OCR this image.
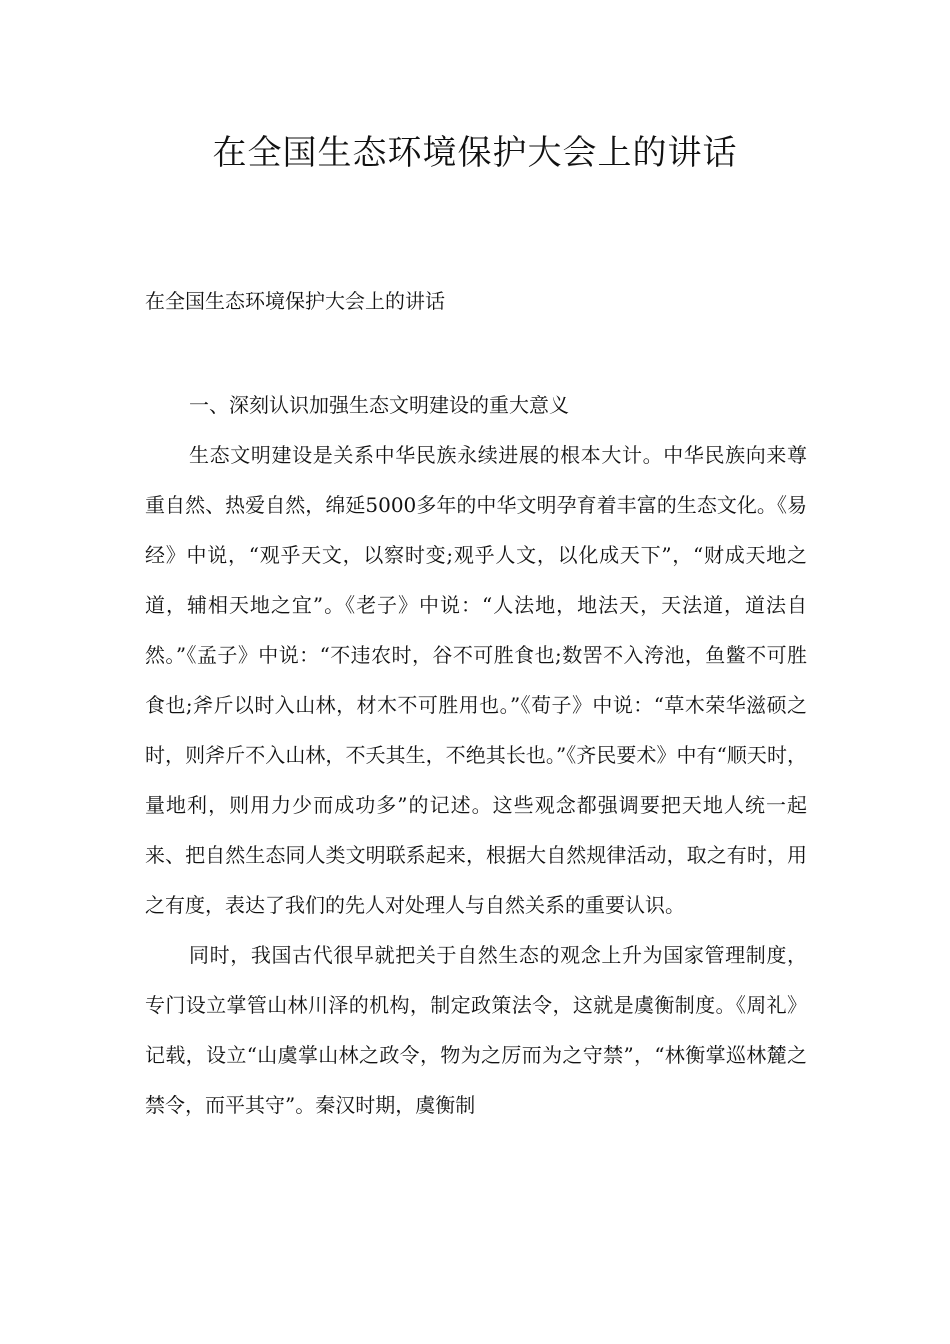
在全国生态环境保护大会上的讲话

在全国生态环境保护大会上的讲话

一、深刻认识加强生态文明建设的重大意义

生态文明建设是关系中华民族永续进展的根本大计。中华民族向来尊重自然、热爱自然，绵延5000多年的中华文明孕育着丰富的生态文化。《易经》中说，“观乎天文，以察时变;观乎人文，以化成天下”，“财成天地之道，辅相天地之宜”。《老子》中说：“人法地，地法天，天法道，道法自然。”《孟子》中说：“不违农时，谷不可胜食也;数罟不入洿池，鱼鳖不可胜食也;斧斤以时入山林，材木不可胜用也。”《荀子》中说：“草木荣华滋硕之时，则斧斤不入山林，不夭其生，不绝其长也。”《齐民要术》中有“顺天时，量地利，则用力少而成功多”的记述。这些观念都强调要把天地人统一起来、把自然生态同人类文明联系起来，根据大自然规律活动，取之有时，用之有度，表达了我们的先人对处理人与自然关系的重要认识。

同时，我国古代很早就把关于自然生态的观念上升为国家管理制度，专门设立掌管山林川泽的机构，制定政策法令，这就是虞衡制度。《周礼》记载，设立“山虞掌山林之政令，物为之厉而为之守禁”，“林衡掌巡林麓之禁令，而平其守”。秦汉时期，虞衡制
